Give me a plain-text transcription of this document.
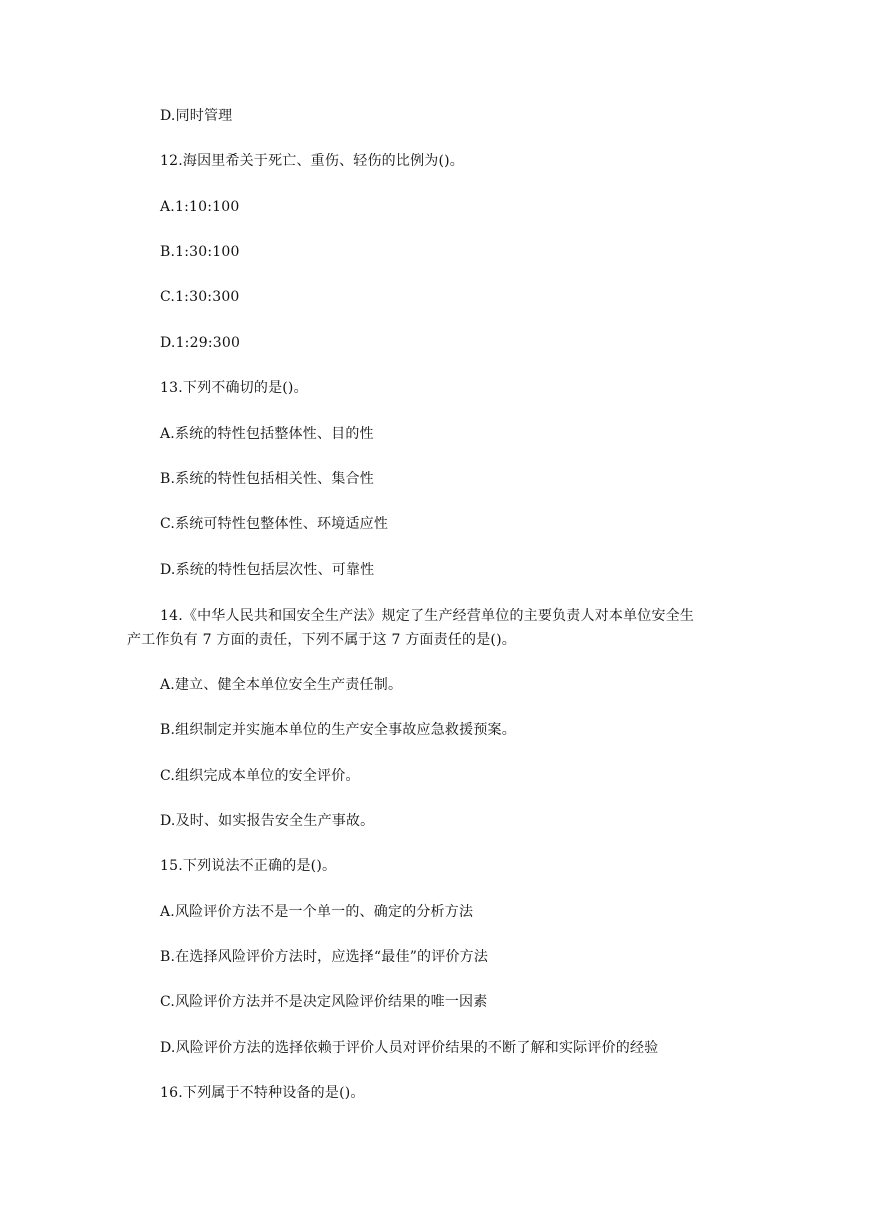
D.同时管理
12.海因里希关于死亡、重伤、轻伤的比例为()。
A.1:10:100
B.1:30:100
C.1:30:300
D.1:29:300
13.下列不确切的是()。
A.系统的特性包括整体性、目的性
B.系统的特性包括相关性、集合性
C.系统可特性包整体性、环境适应性
D.系统的特性包括层次性、可靠性
14.《中华人民共和国安全生产法》规定了生产经营单位的主要负责人对本单位安全生
产工作负有 7 方面的责任，下列不属于这 7 方面责任的是()。
A.建立、健全本单位安全生产责任制。
B.组织制定并实施本单位的生产安全事故应急救援预案。
C.组织完成本单位的安全评价。
D.及时、如实报告安全生产事故。
15.下列说法不正确的是()。
A.风险评价方法不是一个单一的、确定的分析方法
B.在选择风险评价方法时，应选择“最佳”的评价方法
C.风险评价方法并不是决定风险评价结果的唯一因素
D.风险评价方法的选择依赖于评价人员对评价结果的不断了解和实际评价的经验
16.下列属于不特种设备的是()。
